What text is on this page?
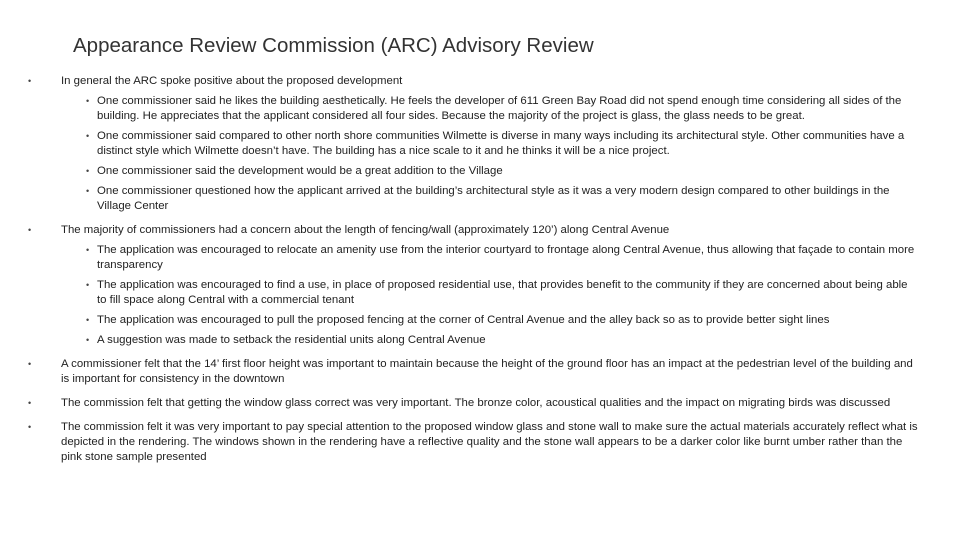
Appearance Review Commission (ARC) Advisory Review
•	In general the ARC spoke positive about the proposed development
• One commissioner said he likes the building aesthetically. He feels the developer of 611 Green Bay Road did not spend enough time considering all sides of the building. He appreciates that the applicant considered all four sides. Because the majority of the project is glass, the glass needs to be great.
• One commissioner said compared to other north shore communities Wilmette is diverse in many ways including its architectural style. Other communities have a distinct style which Wilmette doesn’t have. The building has a nice scale to it and he thinks it will be a nice project.
• One commissioner said the development would be a great addition to the Village
• One commissioner questioned how the applicant arrived at the building’s architectural style as it was a very modern design compared to other buildings in the Village Center
•	The majority of commissioners had a concern about the length of fencing/wall (approximately 120’) along Central Avenue
• The application was encouraged to relocate an amenity use from the interior courtyard to frontage along Central Avenue, thus allowing that façade to contain more transparency
• The application was encouraged to find a use, in place of proposed residential use, that provides benefit to the community if they are concerned about being able to fill space along Central with a commercial tenant
• The application was encouraged to pull the proposed fencing at the corner of Central Avenue and the alley back so as to provide better sight lines
• A suggestion was made to setback the residential units along Central Avenue
•	A commissioner felt that the 14’ first floor height was important to maintain because the height of the ground floor has an impact at the pedestrian level of the building and is important for consistency in the downtown
•	The commission felt that getting the window glass correct was very important. The bronze color, acoustical qualities and the impact on migrating birds was discussed
•	The commission felt it was very important to pay special attention to the proposed window glass and stone wall to make sure the actual materials accurately reflect what is depicted in the rendering. The windows shown in the rendering have a reflective quality and the stone wall appears to be a darker color like burnt umber rather than the pink stone sample presented
